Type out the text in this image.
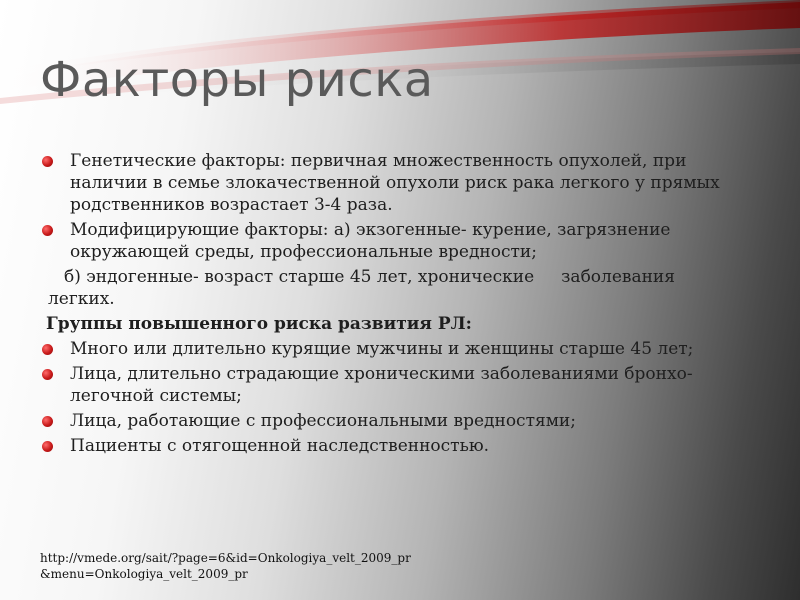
Факторы риска
Генетические факторы: первичная множественность опухолей, при наличии в семье злокачественной опухоли риск рака легкого у прямых родственников возрастает 3-4 раза.
Модифицирующие факторы: а) экзогенные- курение, загрязнение окружающей среды, профессиональные вредности;
б) эндогенные- возраст старше 45 лет, хронические     заболевания
легких.
Группы повышенного риска развития РЛ:
Много или длительно курящие мужчины и женщины старше 45 лет;
Лица, длительно страдающие хроническими заболеваниями бронхо- легочной системы;
Лица, работающие с профессиональными вредностями;
Пациенты с отягощенной наследственностью.
http://vmede.org/sait/?page=6&id=Onkologiya_velt_2009_pr&menu=Onkologiya_velt_2009_pr
